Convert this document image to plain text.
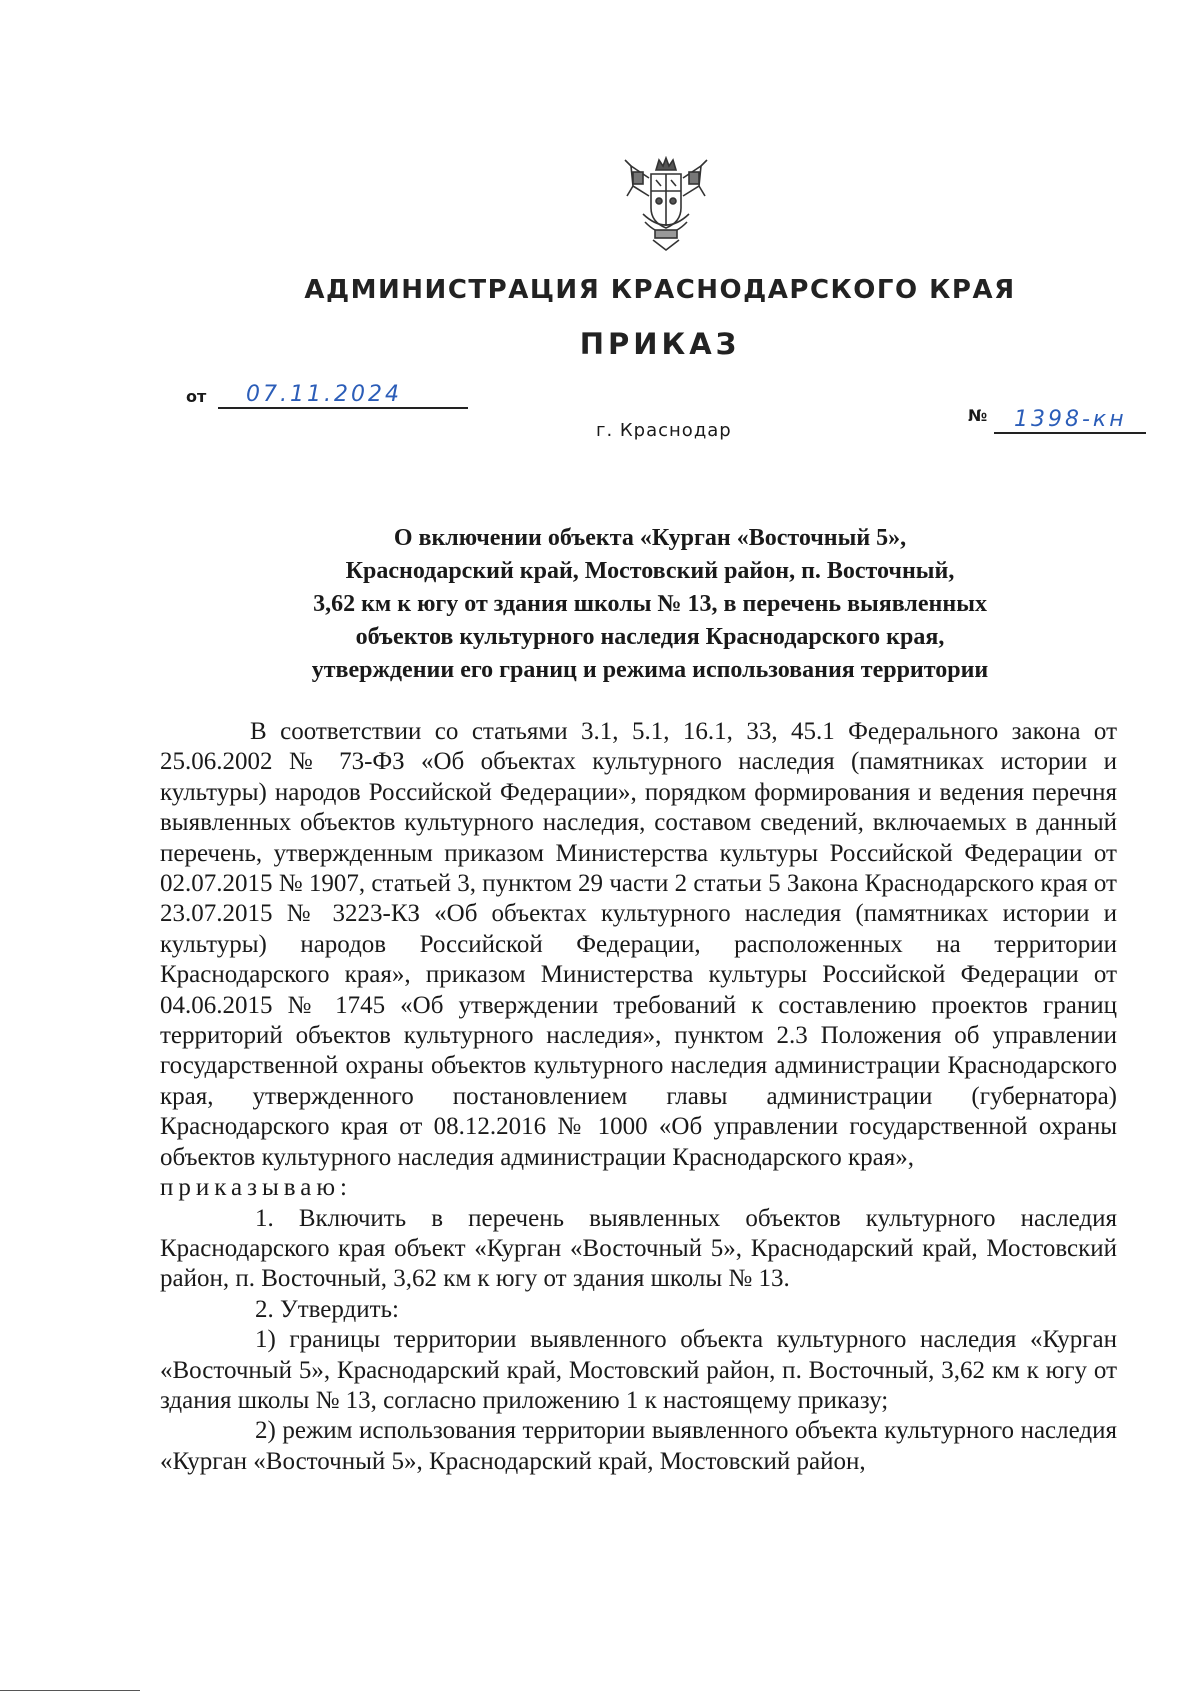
АДМИНИСТРАЦИЯ КРАСНОДАРСКОГО КРАЯ
ПРИКАЗ
от 07.11.2024
г. Краснодар
№ 1398-кн
О включении объекта «Курган «Восточный 5»,
Краснодарский край, Мостовский район, п. Восточный,
3,62 км к югу от здания школы № 13, в перечень выявленных
объектов культурного наследия Краснодарского края,
утверждении его границ и режима использования территории

В соответствии со статьями 3.1, 5.1, 16.1, 33, 45.1 Федерального закона от 25.06.2002 № 73-ФЗ «Об объектах культурного наследия (памятниках истории и культуры) народов Российской Федерации», порядком формирования и ведения перечня выявленных объектов культурного наследия, составом сведений, включаемых в данный перечень, утвержденным приказом Министерства культуры Российской Федерации от 02.07.2015 № 1907, статьей 3, пунктом 29 части 2 статьи 5 Закона Краснодарского края от 23.07.2015 № 3223-КЗ «Об объектах культурного наследия (памятниках истории и культуры) народов Российской Федерации, расположенных на территории Краснодарского края», приказом Министерства культуры Российской Федерации от 04.06.2015 № 1745 «Об утверждении требований к составлению проектов границ территорий объектов культурного наследия», пунктом 2.3 Положения об управлении государственной охраны объектов культурного наследия администрации Краснодарского края, утвержденного постановлением главы администрации (губернатора) Краснодарского края от 08.12.2016 № 1000 «Об управлении государственной охраны объектов культурного наследия администрации Краснодарского края»,

приказываю:

1. Включить в перечень выявленных объектов культурного наследия Краснодарского края объект «Курган «Восточный 5», Краснодарский край, Мостовский район, п. Восточный, 3,62 км к югу от здания школы № 13.

2. Утвердить:

1) границы территории выявленного объекта культурного наследия «Курган «Восточный 5», Краснодарский край, Мостовский район, п. Восточный, 3,62 км к югу от здания школы № 13, согласно приложению 1 к настоящему приказу;

2) режим использования территории выявленного объекта культурного наследия «Курган «Восточный 5», Краснодарский край, Мостовский район,
